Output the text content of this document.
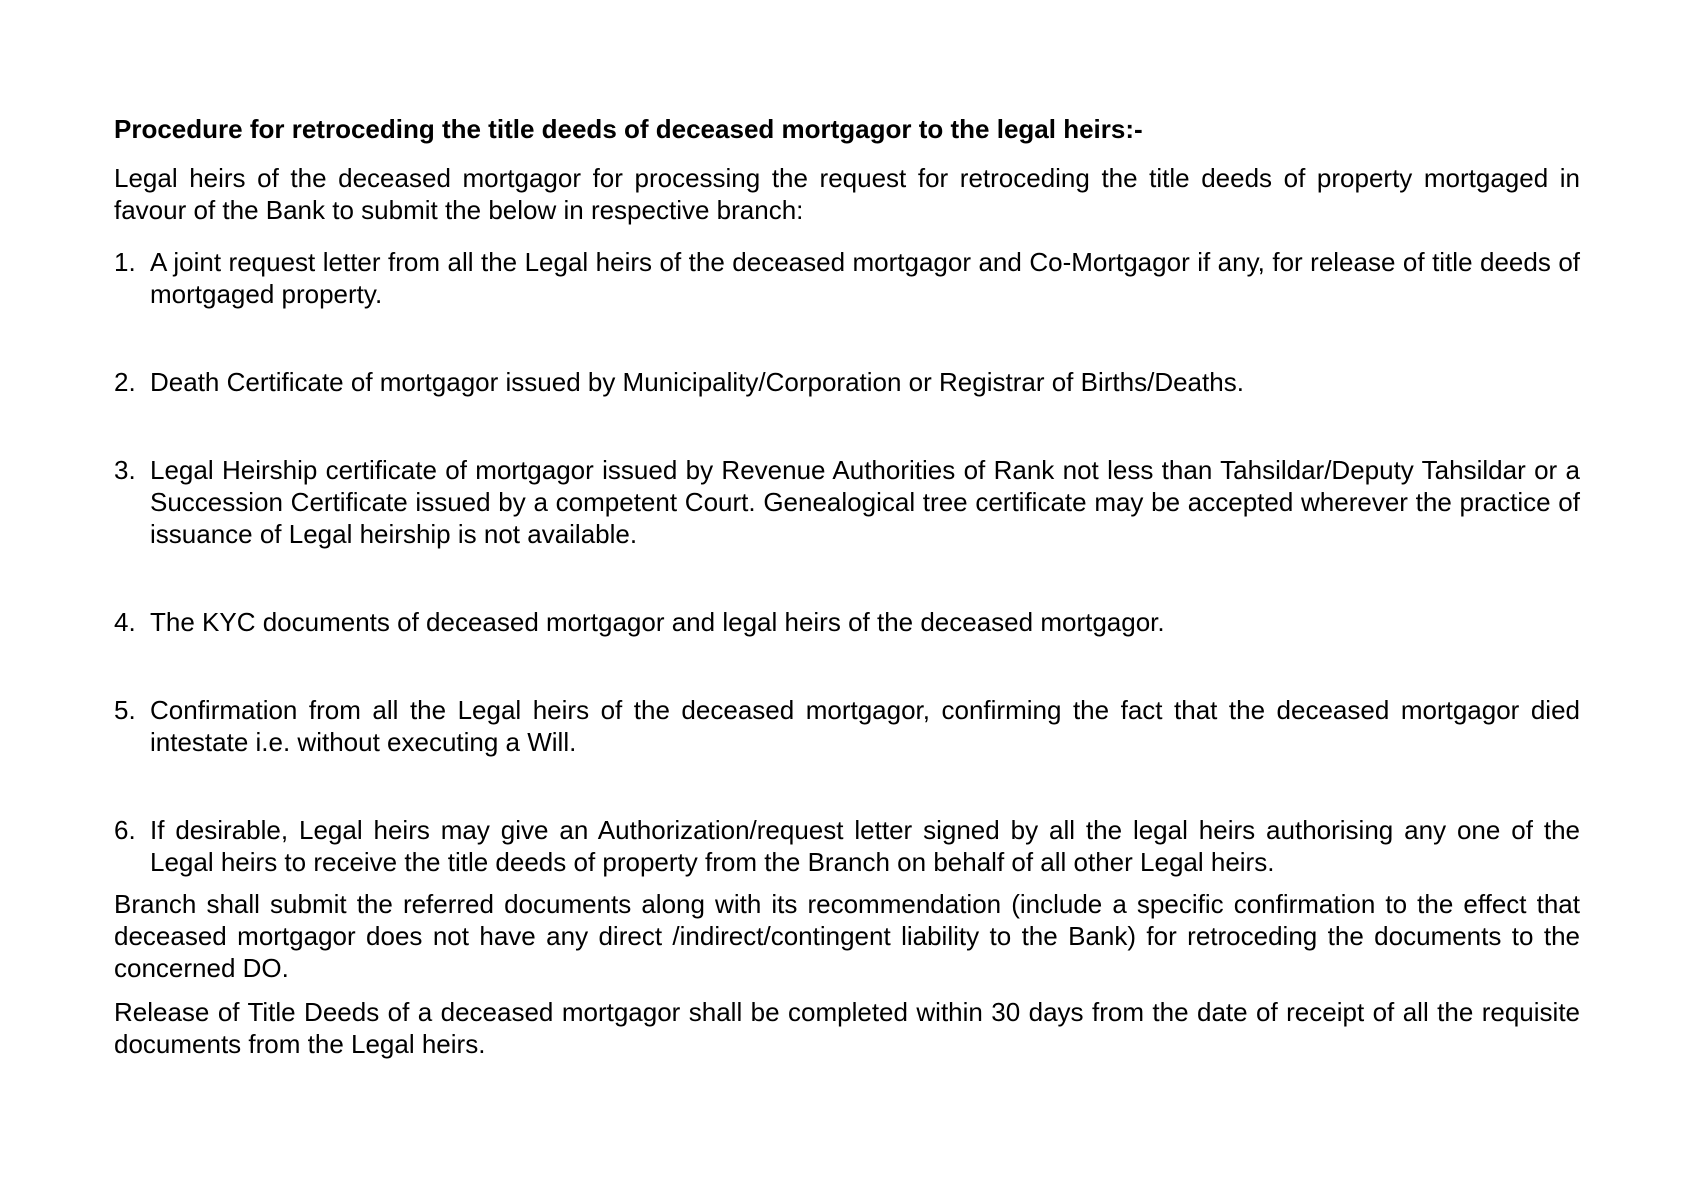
Procedure for retroceding the title deeds of deceased mortgagor to the legal heirs:-

Legal heirs of the deceased mortgagor for processing the request for retroceding the title deeds of property mortgaged in favour of the Bank to submit the below in respective branch:

1. A joint request letter from all the Legal heirs of the deceased mortgagor and Co-Mortgagor if any, for release of title deeds of mortgaged property.
2. Death Certificate of mortgagor issued by Municipality/Corporation or Registrar of Births/Deaths.
3. Legal Heirship certificate of mortgagor issued by Revenue Authorities of Rank not less than Tahsildar/Deputy Tahsildar or a Succession Certificate issued by a competent Court. Genealogical tree certificate may be accepted wherever the practice of issuance of Legal heirship is not available.
4. The KYC documents of deceased mortgagor and legal heirs of the deceased mortgagor.
5. Confirmation from all the Legal heirs of the deceased mortgagor, confirming the fact that the deceased mortgagor died intestate i.e. without executing a Will.
6. If desirable, Legal heirs may give an Authorization/request letter signed by all the legal heirs authorising any one of the Legal heirs to receive the title deeds of property from the Branch on behalf of all other Legal heirs.

Branch shall submit the referred documents along with its recommendation (include a specific confirmation to the effect that deceased mortgagor does not have any direct /indirect/contingent liability to the Bank) for retroceding the documents to the concerned DO.

Release of Title Deeds of a deceased mortgagor shall be completed within 30 days from the date of receipt of all the requisite documents from the Legal heirs.
